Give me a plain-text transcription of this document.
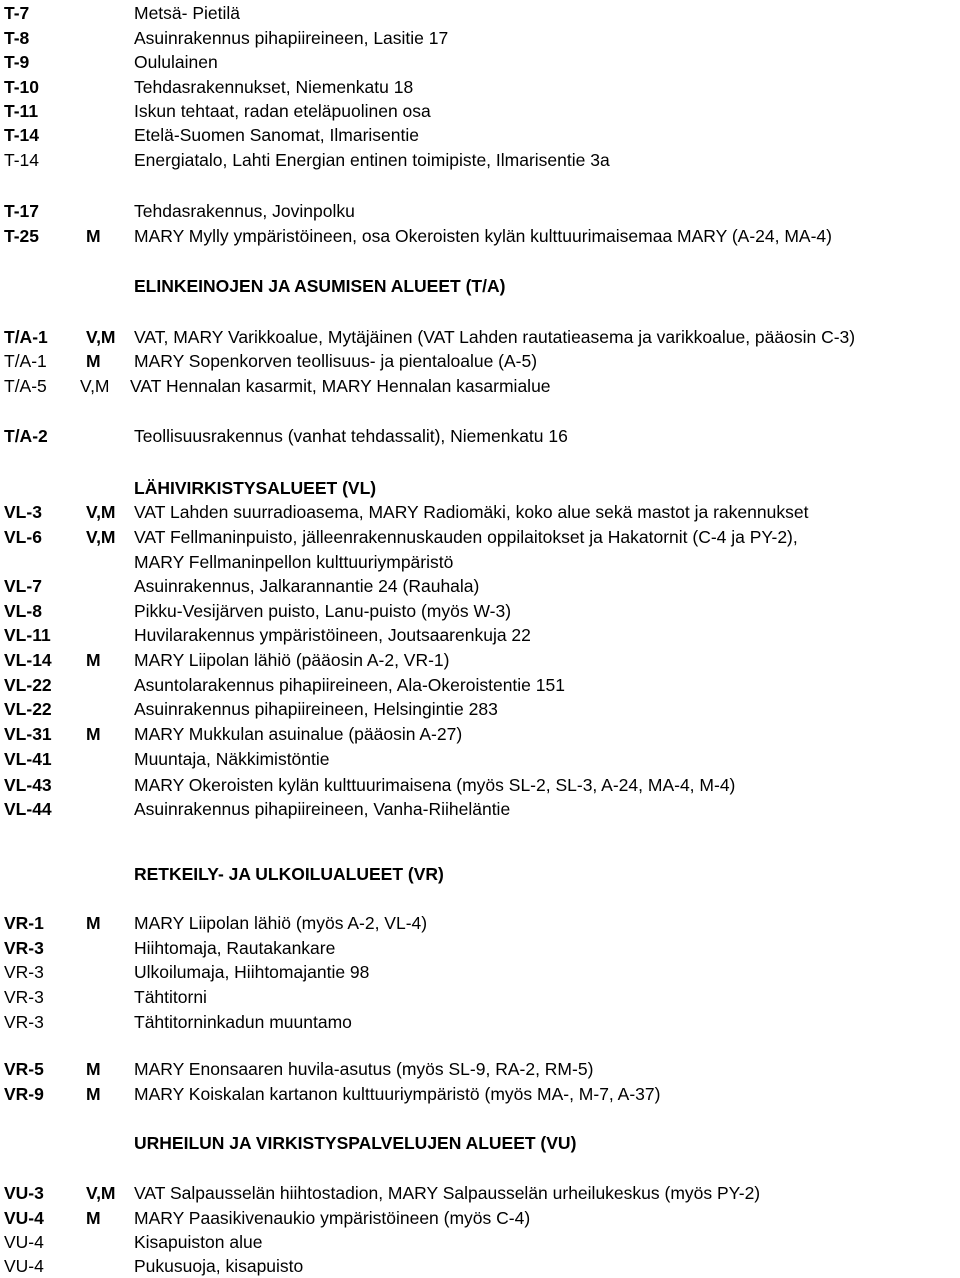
T-7	Metsä- Pietilä
T-8	Asuinrakennus pihapiireineen, Lasitie 17
T-9	Oululainen
T-10	Tehdasrakennukset, Niemenkatu 18
T-11	Iskun tehtaat, radan eteläpuolinen osa
T-14	Etelä-Suomen Sanomat, Ilmarisentie
T-14	Energiatalo, Lahti Energian entinen toimipiste, Ilmarisentie 3a
T-17	Tehdasrakennus, Jovinpolku
T-25	M MARY Mylly ympäristöineen, osa Okeroisten kylän kulttuurimaisemaa MARY (A-24, MA-4)
ELINKEINOJEN JA ASUMISEN ALUEET (T/A)
T/A-1 V,M VAT, MARY Varikkoalue, Mytäjäinen (VAT Lahden rautatieasema ja varikkoalue, pääosin C-3)
T/A-1 M MARY Sopenkorven teollisuus- ja pientaloalue (A-5)
T/A-5 V,M VAT Hennalan kasarmit, MARY Hennalan kasarmialue
T/A-2	Teollisuusrakennus (vanhat tehdassalit), Niemenkatu 16
LÄHIVIRKISTYSALUEET (VL)
VL-3	V,M VAT Lahden suurradioasema, MARY Radiomäki, koko alue sekä mastot ja rakennukset
VL-6	V,M VAT Fellmaninpuisto, jälleenrakennuskauden oppilaitokset ja Hakatornit (C-4 ja PY-2),
MARY Fellmaninpellon kulttuuriympäristö
VL-7	Asuinrakennus, Jalkarannantie 24 (Rauhala)
VL-8	Pikku-Vesijärven puisto, Lanu-puisto (myös W-3)
VL-11	Huvilarakennus ympäristöineen, Joutsaarenkuja 22
VL-14 M MARY Liipolan lähiö (pääosin A-2, VR-1)
VL-22	Asuntolarakennus pihapiireineen, Ala-Okeroistentie 151
VL-22	Asuinrakennus pihapiireineen, Helsingintie 283
VL-31 M MARY Mukkulan asuinalue (pääosin A-27)
VL-41	Muuntaja, Näkkimistöntie
VL-43	MARY Okeroisten kylän kulttuurimaisena (myös SL-2, SL-3, A-24, MA-4, M-4)
VL-44	Asuinrakennus pihapiireineen, Vanha-Riiheläntie
RETKEILY- JA ULKOILUALUEET (VR)
VR-1 M MARY Liipolan lähiö (myös A-2, VL-4)
VR-3	Hiihtomaja, Rautakankare
VR-3	Ulkoilumaja, Hiihtomajantie 98
VR-3	Tähtitorni
VR-3	Tähtitorninkadun muuntamo
VR-5 M MARY Enonsaaren huvila-asutus (myös SL-9, RA-2, RM-5)
VR-9 M MARY Koiskalan kartanon kulttuuriympäristö (myös MA-, M-7, A-37)
URHEILUN JA VIRKISTYSPALVELUJEN ALUEET (VU)
VU-3 V,M VAT Salpausselän hiihtostadion, MARY Salpausselän urheilukeskus (myös PY-2)
VU-4 M MARY Paasikivenaukio ympäristöineen (myös C-4)
VU-4	Kisapuiston alue
VU-4	Pukusuoja, kisapuisto
